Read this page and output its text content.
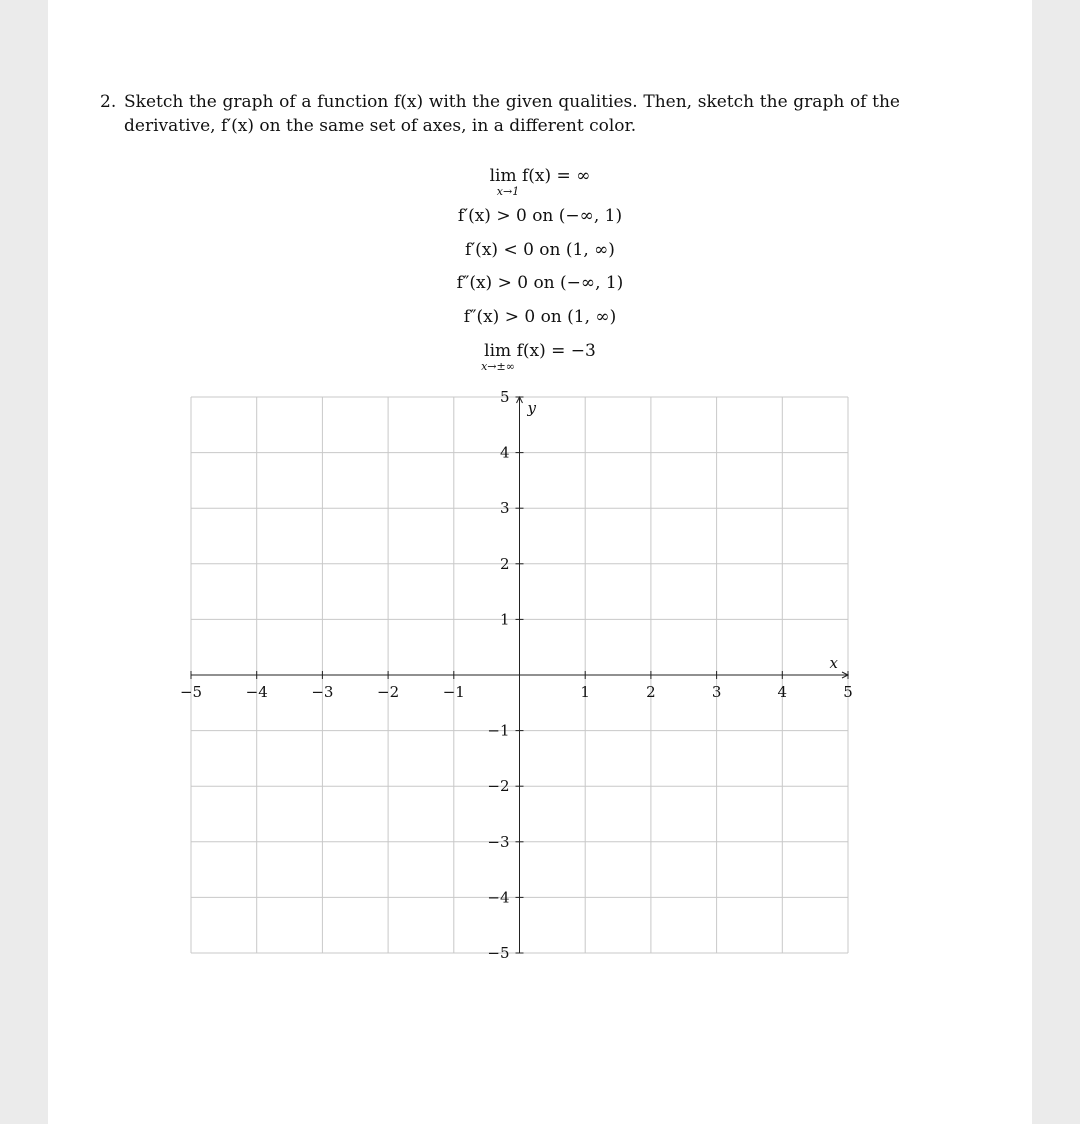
2. Sketch the graph of a function f(x) with the given qualities. Then, sketch the graph of the derivative, f′(x) on the same set of axes, in a different color.
lim f(x) = ∞
x→1
f′(x) > 0 on (−∞, 1)
f′(x) < 0 on (1, ∞)
f″(x) > 0 on (−∞, 1)
f″(x) > 0 on (1, ∞)
lim f(x) = −3
x→±∞
−5	−4	−3	−2	−1	1	2	3	4	5
5
4
3
2
1
−1
−2
−3
−4
−5
x
y
